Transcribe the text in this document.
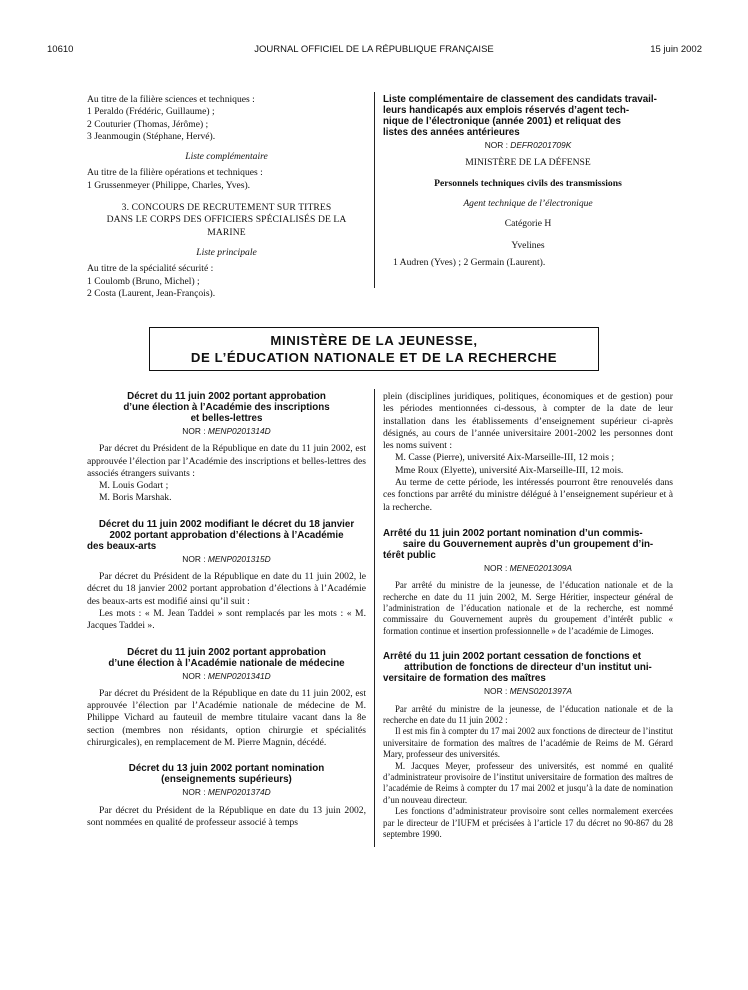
10610	JOURNAL OFFICIEL DE LA RÉPUBLIQUE FRANÇAISE	15 juin 2002
Au titre de la filière sciences et techniques :
1 Peraldo (Frédéric, Guillaume) ;
2 Couturier (Thomas, Jérôme) ;
3 Jeanmougin (Stéphane, Hervé).
Liste complémentaire
Au titre de la filière opérations et techniques :
1 Grussenmeyer (Philippe, Charles, Yves).
3. CONCOURS DE RECRUTEMENT SUR TITRES
DANS LE CORPS DES OFFICIERS SPÉCIALISÉS DE LA MARINE
Liste principale
Au titre de la spécialité sécurité :
1 Coulomb (Bruno, Michel) ;
2 Costa (Laurent, Jean-François).
Liste complémentaire de classement des candidats travail-
leurs handicapés aux emplois réservés d’agent tech-
nique de l’électronique (année 2001) et reliquat des
listes des années antérieures
NOR : DEFR0201709K
MINISTÈRE DE LA DÉFENSE
Personnels techniques civils des transmissions
Agent technique de l’électronique
Catégorie H
Yvelines
1 Audren (Yves) ; 2 Germain (Laurent).
MINISTÈRE DE LA JEUNESSE,
DE L’ÉDUCATION NATIONALE ET DE LA RECHERCHE
Décret du 11 juin 2002 portant approbation
d’une élection à l’Académie des inscriptions
et belles-lettres
NOR : MENP0201314D

Par décret du Président de la République en date du 11 juin 2002, est approuvée l’élection par l’Académie des inscriptions et belles-lettres des associés étrangers suivants :

M. Louis Godart ;
M. Boris Marshak.
Décret du 11 juin 2002 modifiant le décret du 18 janvier
2002 portant approbation d’élections à l’Académie
des beaux-arts
NOR : MENP0201315D

Par décret du Président de la République en date du 11 juin 2002, le décret du 18 janvier 2002 portant approbation d’élections à l’Académie des beaux-arts est modifié ainsi qu’il suit :

Les mots : « M. Jean Taddei » sont remplacés par les mots : « M. Jacques Taddei ».

Décret du 11 juin 2002 portant approbation
d’une élection à l’Académie nationale de médecine
NOR : MENP0201341D

Par décret du Président de la République en date du 11 juin 2002, est approuvée l’élection par l’Académie nationale de médecine de M. Philippe Vichard au fauteuil de membre titulaire vacant dans la 8e section (membres non résidants, option chirurgie et spécialités chirurgicales), en remplacement de M. Pierre Magnin, décédé.

Décret du 13 juin 2002 portant nomination
(enseignements supérieurs)
NOR : MENP0201374D

Par décret du Président de la République en date du 13 juin 2002, sont nommées en qualité de professeur associé à temps

plein (disciplines juridiques, politiques, économiques et de gestion) pour les périodes mentionnées ci-dessous, à compter de la date de leur installation dans les établissements d’enseignement supérieur ci-après désignés, au cours de l’année universitaire 2001-2002 les personnes dont les noms suivent :

M. Casse (Pierre), université Aix-Marseille-III, 12 mois ;
Mme Roux (Elyette), université Aix-Marseille-III, 12 mois.

Au terme de cette période, les intéressés pourront être renouvelés dans ces fonctions par arrêté du ministre délégué à l’enseignement supérieur et à la recherche.

Arrêté du 11 juin 2002 portant nomination d’un commis-
saire du Gouvernement auprès d’un groupement d’in-
térêt public
NOR : MENE0201309A

Par arrêté du ministre de la jeunesse, de l’éducation nationale et de la recherche en date du 11 juin 2002, M. Serge Héritier, inspecteur général de l’administration de l’éducation nationale et de la recherche, est nommé commissaire du Gouvernement auprès du groupement d’intérêt public « formation continue et insertion professionnelle » de l’académie de Limoges.

Arrêté du 11 juin 2002 portant cessation de fonctions et
attribution de fonctions de directeur d’un institut uni-
versitaire de formation des maîtres
NOR : MENS0201397A

Par arrêté du ministre de la jeunesse, de l’éducation nationale et de la recherche en date du 11 juin 2002 :

Il est mis fin à compter du 17 mai 2002 aux fonctions de directeur de l’institut universitaire de formation des maîtres de l’académie de Reims de M. Gérard Mary, professeur des universités.

M. Jacques Meyer, professeur des universités, est nommé en qualité d’administrateur provisoire de l’institut universitaire de formation des maîtres de l’académie de Reims à compter du 17 mai 2002 et jusqu’à la date de nomination d’un nouveau directeur.

Les fonctions d’administrateur provisoire sont celles normalement exercées par le directeur de l’IUFM et précisées à l’article 17 du décret no 90-867 du 28 septembre 1990.
